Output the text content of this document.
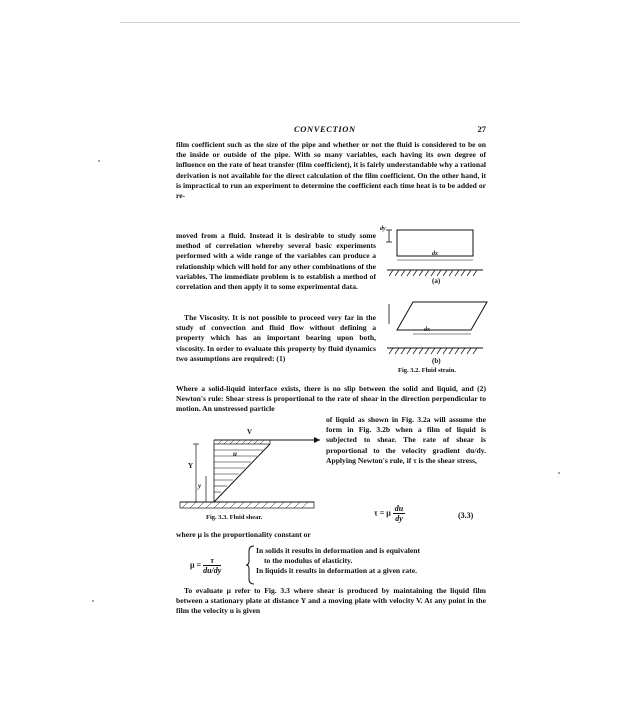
CONVECTION	27

film coefficient such as the size of the pipe and whether or not the fluid is considered to be on the inside or outside of the pipe. With so many variables, each having its own degree of influence on the rate of heat transfer (film coefficient), it is fairly understandable why a rational derivation is not available for the direct calculation of the film coefficient. On the other hand, it is impractical to run an experiment to determine the coefficient each time heat is to be added or re-

moved from a fluid. Instead it is desirable to study some method of correlation whereby several basic experiments performed with a wide range of the variables can produce a relationship which will hold for any other combinations of the variables. The immediate problem is to establish a method of correlation and then apply it to some experimental data.

The Viscosity. It is not possible to proceed very far in the study of convection and fluid flow without defining a property which has an important bearing upon both, viscosity. In order to evaluate this property by fluid dynamics two assumptions are required: (1)

Where a solid-liquid interface exists, there is no slip between the solid and liquid, and (2) Newton's rule: Shear stress is proportional to the rate of shear in the direction perpendicular to motion. An unstressed particle

of liquid as shown in Fig. 3.2a will assume the form in Fig. 3.2b when a film of liquid is subjected to shear. The rate of shear is proportional to the velocity gradient du/dy. Applying Newton's rule, if τ is the shear stress,

dy
dx
(a)
dx
(b)
Fig. 3.2. Fluid strain.
V
u
Y
y
Fig. 3.3. Fluid shear.
τ = μ $\frac{du}{dy}$	(3.3)

where μ is the proportionality constant or

$\mu = \frac{\tau}{du/dy}$
In solids it results in deformation and is equivalent
to the modulus of elasticity.
In liquids it results in deformation at a given rate.

To evaluate μ refer to Fig. 3.3 where shear is produced by maintaining the liquid film between a stationary plate at distance Y and a moving plate with velocity V. At any point in the film the velocity u is given
